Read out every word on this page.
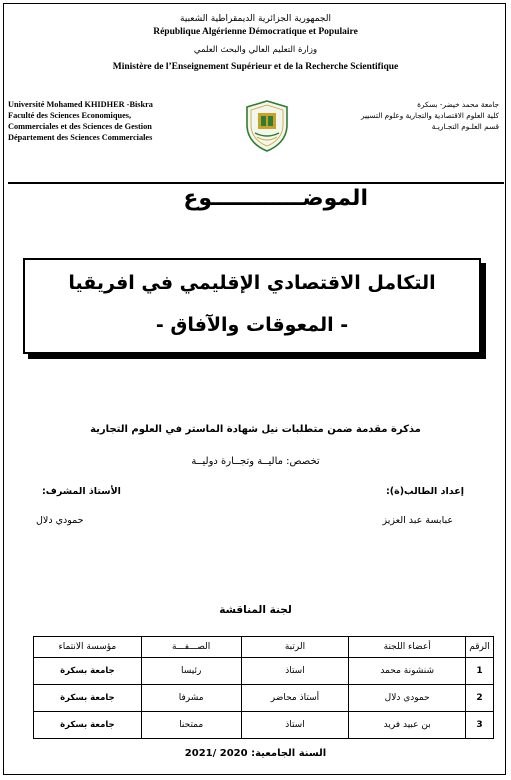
الجمهورية الجزائرية الديمقراطية الشعبية
République Algérienne Démocratique et Populaire
وزارة التعليم العالي والبحث العلمي
Ministère de l’Enseignement Supérieur et de la Recherche Scientifique
Université Mohamed KHIDHER -Biskra
Faculté des Sciences Economiques,
Commerciales et des Sciences de Gestion
Département des Sciences Commerciales
جامعة محمد خيضر- بسكرة
كلية العلوم الاقتصادية والتجارية وعلوم التسيير
قسم العلـوم التجـاريـة
الموضــــــــــــوع
التكامل الاقتصادي الإقليمي في افريقيا
- المعوقات والآفاق -
مذكرة مقدمة ضمن متطلبات نيل شهادة الماستر في العلوم التجارية
تخصص: ماليــة وتجــارة دوليــة
إعداد الطالب(ة):
عبابسة عبد العزيز
الأستاذ المشرف:
حمودي دلال
لجنة المناقشة
الرقم	أعضاء اللجنة	الرتبة	الصـــفـــة	مؤسسة الانتماء
1	شنشونة محمد	استاذ	رئيسا	جامعة بسكرة
2	حمودي دلال	أستاذ محاضر	مشرفا	جامعة بسكرة
3	بن عبيد فريد	استاذ	ممتحنا	جامعة بسكرة
السنة الجامعية: 2020 /2021
